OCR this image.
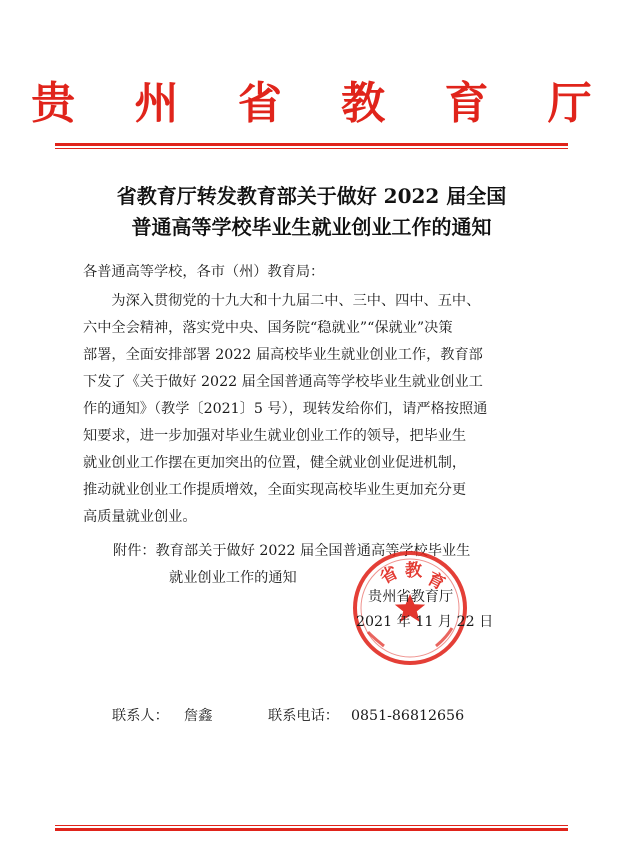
贵 州 省 教 育 厅
省教育厅转发教育部关于做好 2022 届全国
普通高等学校毕业生就业创业工作的通知
各普通高等学校，各市（州）教育局：
　　为深入贯彻党的十九大和十九届二中、三中、四中、五中、
六中全会精神，落实党中央、国务院“稳就业”“保就业”决策
部署，全面安排部署 2022 届高校毕业生就业创业工作，教育部
下发了《关于做好 2022 届全国普通高等学校毕业生就业创业工
作的通知》（教学〔2021〕5 号），现转发给你们，请严格按照通
知要求，进一步加强对毕业生就业创业工作的领导，把毕业生
就业创业工作摆在更加突出的位置，健全就业创业促进机制，
推动就业创业工作提质增效，全面实现高校毕业生更加充分更
高质量就业创业。
附件：教育部关于做好 2022 届全国普通高等学校毕业生
就业创业工作的通知	省 教 育
贵州省教育厅
2021 年 11 月 22 日
联系人：	詹鑫	联系电话： 0851-86812656
